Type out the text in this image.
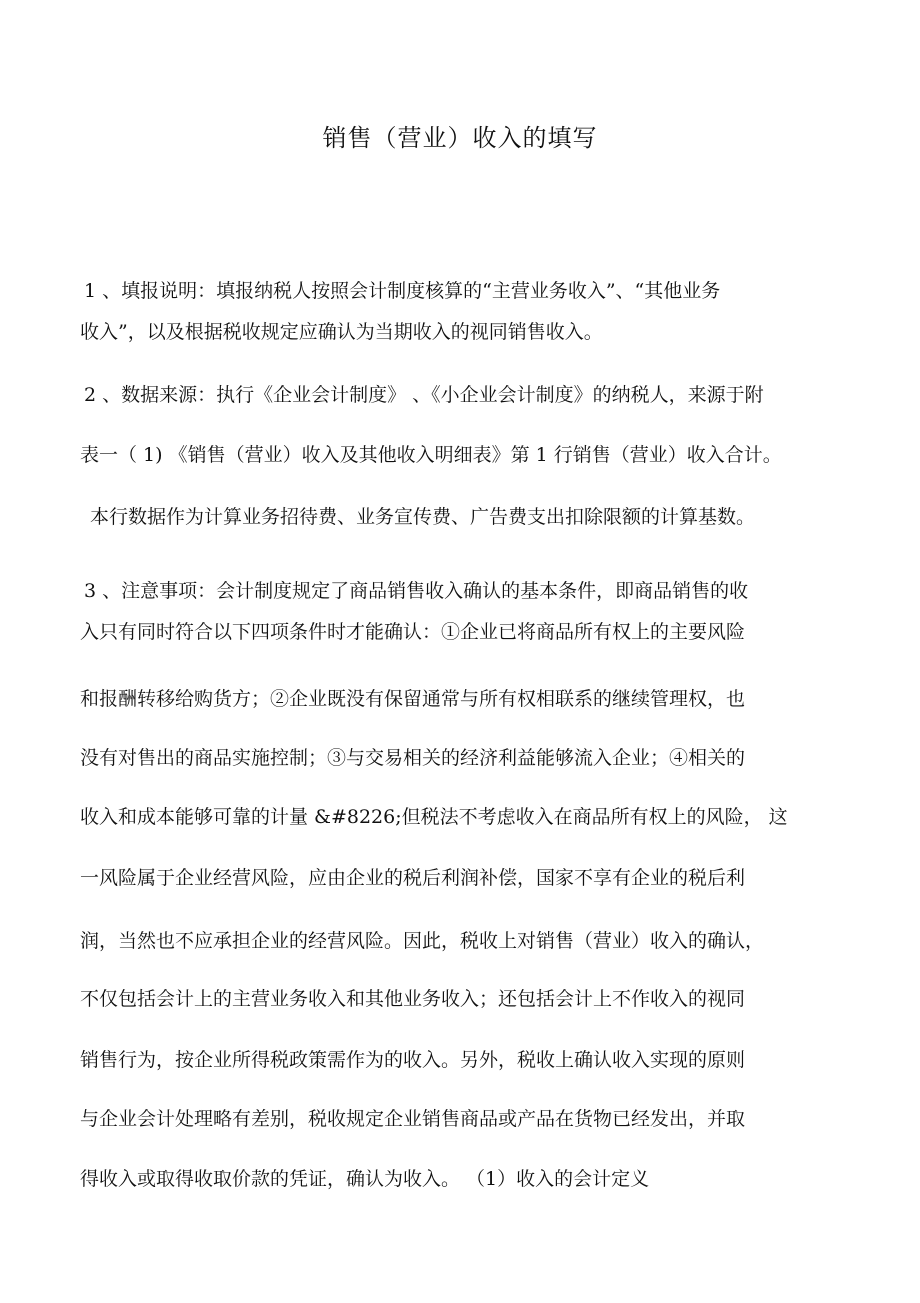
销售（营业）收入的填写
1 、填报说明：填报纳税人按照会计制度核算的“主营业务收入”、“其他业务
收入”，以及根据税收规定应确认为当期收入的视同销售收入。
2 、数据来源：执行《企业会计制度》 、《小企业会计制度》的纳税人，来源于附
表一（ 1) 《销售（营业）收入及其他收入明细表》第 1 行销售（营业）收入合计。
本行数据作为计算业务招待费、业务宣传费、广告费支出扣除限额的计算基数。
3 、注意事项：会计制度规定了商品销售收入确认的基本条件，即商品销售的收
入只有同时符合以下四项条件时才能确认：①企业已将商品所有权上的主要风险
和报酬转移给购货方；②企业既没有保留通常与所有权相联系的继续管理权，也
没有对售出的商品实施控制；③与交易相关的经济利益能够流入企业；④相关的
收入和成本能够可靠的计量 &#8226;但税法不考虑收入在商品所有权上的风险， 这
一风险属于企业经营风险，应由企业的税后利润补偿，国家不享有企业的税后利
润，当然也不应承担企业的经营风险。因此，税收上对销售（营业）收入的确认，
不仅包括会计上的主营业务收入和其他业务收入；还包括会计上不作收入的视同
销售行为，按企业所得税政策需作为的收入。另外，税收上确认收入实现的原则
与企业会计处理略有差别，税收规定企业销售商品或产品在货物已经发出，并取
得收入或取得收取价款的凭证，确认为收入。 （1）收入的会计定义
